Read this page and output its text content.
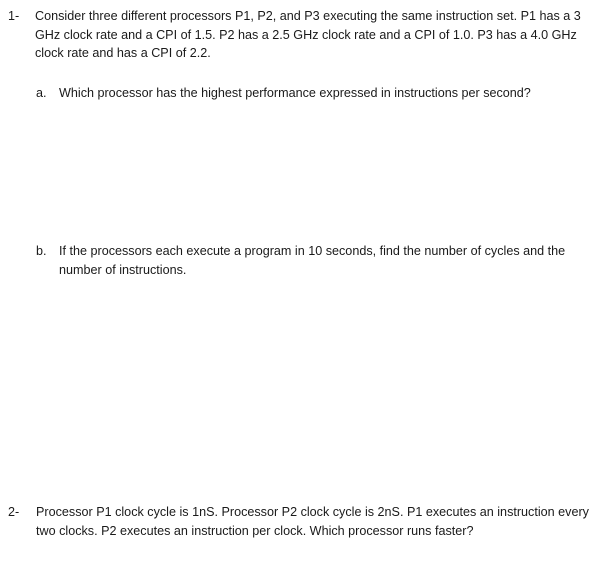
1-	Consider three different processors P1, P2, and P3 executing the same instruction set. P1 has a 3 GHz clock rate and a CPI of 1.5. P2 has a 2.5 GHz clock rate and a CPI of 1.0. P3 has a 4.0 GHz clock rate and has a CPI of 2.2.
a. Which processor has the highest performance expressed in instructions per second?
b. If the processors each execute a program in 10 seconds, find the number of cycles and the number of instructions.
2-	Processor P1 clock cycle is 1nS. Processor P2 clock cycle is 2nS. P1 executes an instruction every two clocks. P2 executes an instruction per clock. Which processor runs faster?
